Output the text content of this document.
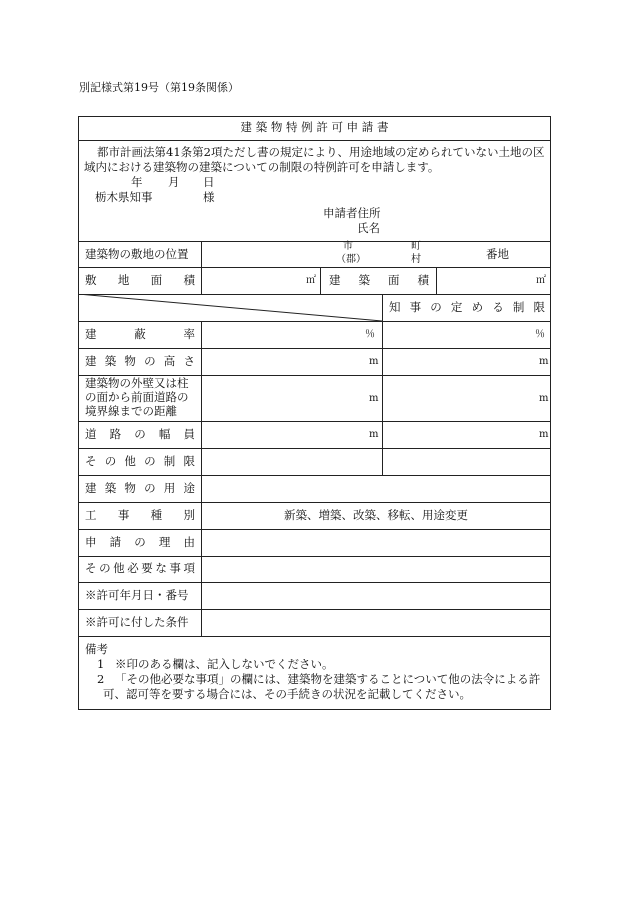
別記様式第19号（第19条関係）
建 築 物 特 例 許 可 申 請 書
都市計画法第41条第2項ただし書の規定により、用途地域の定められていない土地の区
域内における建築物の建築についての制限の特例許可を申請します。
年 月 日
栃木県知事	様
申請者住所
氏名
建築物の敷地の位置
市
（郡）
町
村	番地
敷 地 面 積	㎡ 建 築 面 積	㎡
知 事 の 定 め る 制 限
建	蔽	率	％	％
建 築 物 の 高 さ	m	m
建築物の外壁又は柱
の面から前面道路の
境界線までの距離
m	m
道 路 の 幅 員	m	m
そ の 他 の 制 限
建 築 物 の 用 途
工 事 種 別	新築、増築、改築、移転、用途変更
申 請 の 理 由
そ の 他 必 要 な 事 項
※許可年月日・番号
※許可に付した条件
備考
1 ※印のある欄は、記入しないでください。
2 「その他必要な事項」の欄には、建築物を建築することについて他の法令による許
可、認可等を要する場合には、その手続きの状況を記載してください。
